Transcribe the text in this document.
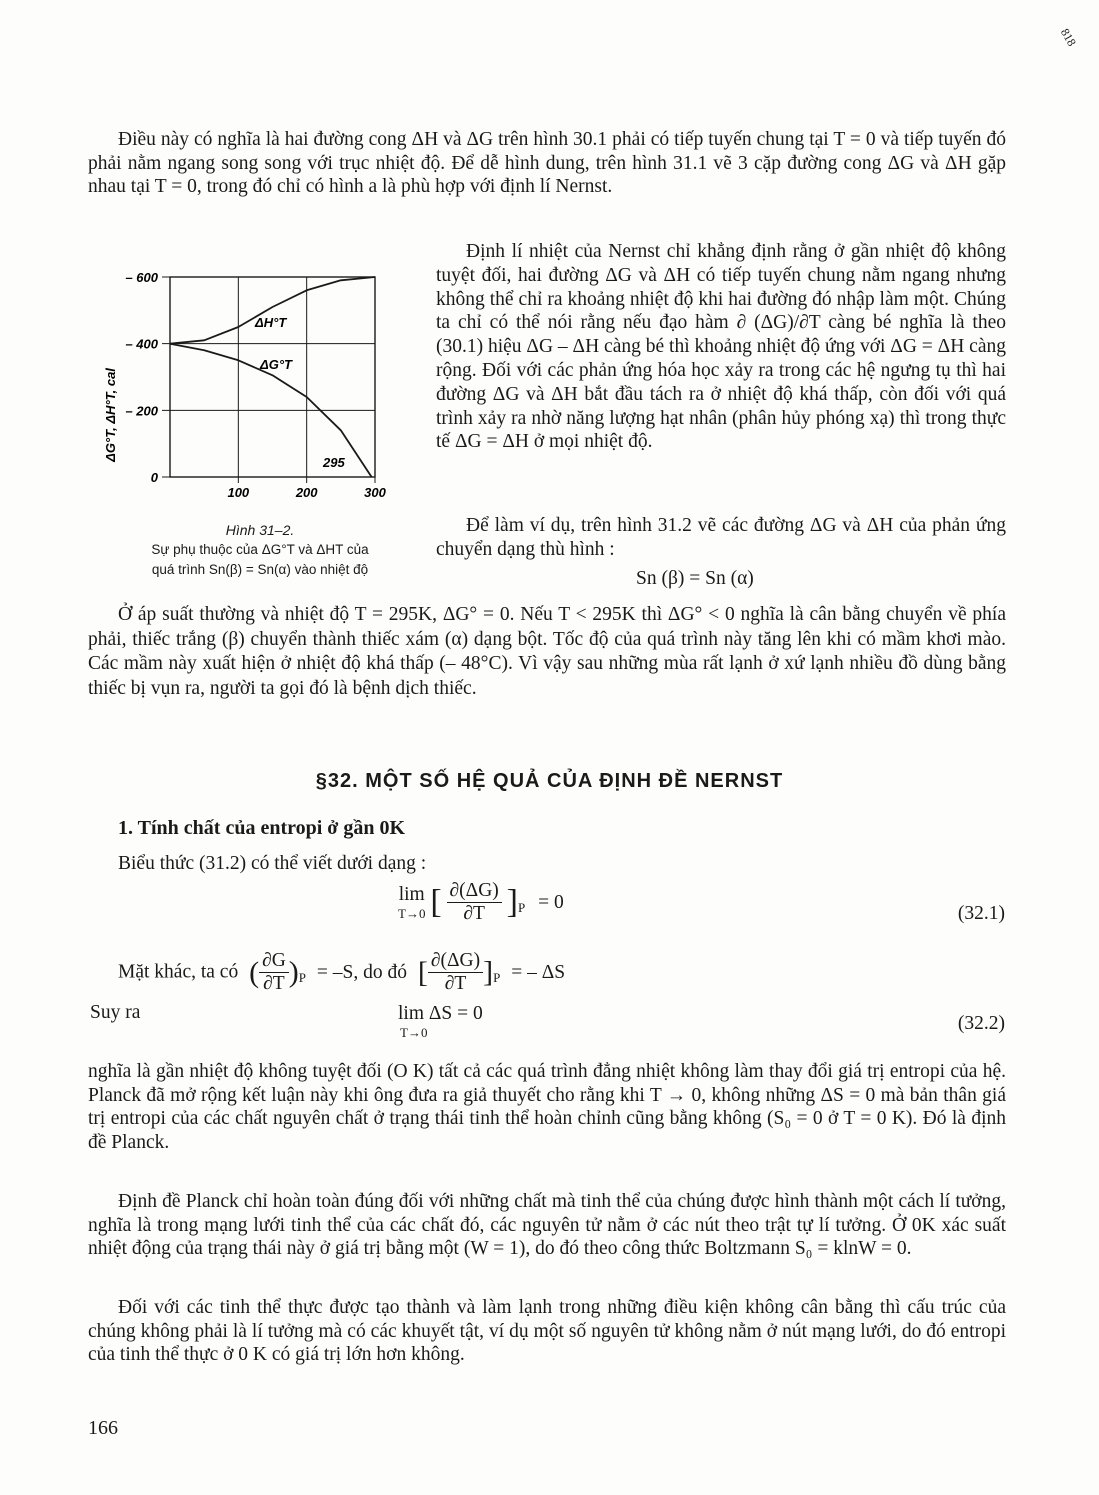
818
Điều này có nghĩa là hai đường cong ΔH và ΔG trên hình 30.1 phải có tiếp tuyến chung tại T = 0 và tiếp tuyến đó phải nằm ngang song song với trục nhiệt độ. Để dễ hình dung, trên hình 31.1 vẽ 3 cặp đường cong ΔG và ΔH gặp nhau tại T = 0, trong đó chỉ có hình a là phù hợp với định lí Nernst.
– 600
– 400
– 200
0
100	200	300
ΔG°T, ΔH°T, cal
ΔH°T
ΔG°T
295
Hình 31–2.
Sự phụ thuộc của ΔG°T và ΔHT của
quá trình Sn(β) = Sn(α) vào nhiệt độ
Định lí nhiệt của Nernst chỉ khẳng định rằng ở gần nhiệt độ không tuyệt đối, hai đường ΔG và ΔH có tiếp tuyến chung nằm ngang nhưng không thể chỉ ra khoảng nhiệt độ khi hai đường đó nhập làm một. Chúng ta chỉ có thể nói rằng nếu đạo hàm ∂ (ΔG)/∂T càng bé nghĩa là theo (30.1) hiệu ΔG – ΔH càng bé thì khoảng nhiệt độ ứng với ΔG = ΔH càng rộng. Đối với các phản ứng hóa học xảy ra trong các hệ ngưng tụ thì hai đường ΔG và ΔH bắt đầu tách ra ở nhiệt độ khá thấp, còn đối với quá trình xảy ra nhờ năng lượng hạt nhân (phân hủy phóng xạ) thì trong thực tế ΔG = ΔH ở mọi nhiệt độ.
Để làm ví dụ, trên hình 31.2 vẽ các đường ΔG và ΔH của phản ứng chuyển dạng thù hình :
Sn (β) = Sn (α)
Ở áp suất thường và nhiệt độ T = 295K, ΔG° = 0. Nếu T < 295K thì ΔG° < 0 nghĩa là cân bằng chuyển về phía phải, thiếc trắng (β) chuyển thành thiếc xám (α) dạng bột. Tốc độ của quá trình này tăng lên khi có mầm khơi mào. Các mầm này xuất hiện ở nhiệt độ khá thấp (– 48°C). Vì vậy sau những mùa rất lạnh ở xứ lạnh nhiều đồ dùng bằng thiếc bị vụn ra, người ta gọi đó là bệnh dịch thiếc.
§32. MỘT SỐ HỆ QUẢ CỦA ĐỊNH ĐỀ NERNST
1. Tính chất của entropi ở gần 0K
Biểu thức (31.2) có thể viết dưới dạng :
lim
T→0 [ $\frac{\partial(\Delta G)}{\partial T} ]_P = 0$
(32.1)
Mặt khác, ta có ( $\frac{\partial G}{\partial T} )_P = -S$, do đó [ $\frac{\partial(\Delta G)}{\partial T} ]_P$ = – ΔS
Suy ra	lim ΔS = 0
T→0	(32.2)
nghĩa là gần nhiệt độ không tuyệt đối (O K) tất cả các quá trình đẳng nhiệt không làm thay đổi giá trị entropi của hệ. Planck đã mở rộng kết luận này khi ông đưa ra giả thuyết cho rằng khi T → 0, không những ΔS = 0 mà bản thân giá trị entropi của các chất nguyên chất ở trạng thái tinh thể hoàn chỉnh cũng bằng không (S₀ = 0 ở T = 0 K). Đó là định đề Planck.
Định đề Planck chỉ hoàn toàn đúng đối với những chất mà tinh thể của chúng được hình thành một cách lí tưởng, nghĩa là trong mạng lưới tinh thể của các chất đó, các nguyên tử nằm ở các nút theo trật tự lí tưởng. Ở 0K xác suất nhiệt động của trạng thái này ở giá trị bằng một (W = 1), do đó theo công thức Boltzmann S₀ = klnW = 0.
Đối với các tinh thể thực được tạo thành và làm lạnh trong những điều kiện không cân bằng thì cấu trúc của chúng không phải là lí tưởng mà có các khuyết tật, ví dụ một số nguyên tử không nằm ở nút mạng lưới, do đó entropi của tinh thể thực ở 0 K có giá trị lớn hơn không.
166
